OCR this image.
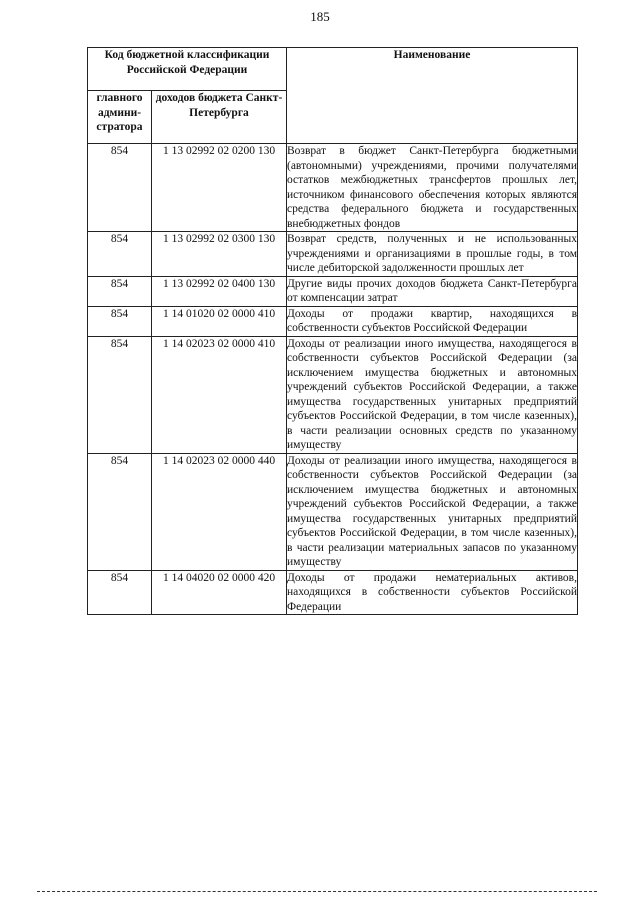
185
Код бюджетной классификации Российской Федерации		Наименование
главного админи-стратора	доходов бюджета Санкт-Петербурга	
854	1 13 02992 02 0200 130	Возврат в бюджет Санкт-Петербурга бюджетными (автономными) учреждениями, прочими получателями остатков межбюджетных трансфертов прошлых лет, источником финансового обеспечения которых являются средства федерального бюджета и государственных внебюджетных фондов
854	1 13 02992 02 0300 130	Возврат средств, полученных и не использованных учреждениями и организациями в прошлые годы, в том числе дебиторской задолженности прошлых лет
854	1 13 02992 02 0400 130	Другие виды прочих доходов бюджета Санкт-Петербурга от компенсации затрат
854	1 14 01020 02 0000 410	Доходы от продажи квартир, находящихся в собственности субъектов Российской Федерации
854	1 14 02023 02 0000 410	Доходы от реализации иного имущества, находящегося в собственности субъектов Российской Федерации (за исключением имущества бюджетных и автономных учреждений субъектов Российской Федерации, а также имущества государственных унитарных предприятий субъектов Российской Федерации, в том числе казенных), в части реализации основных средств по указанному имуществу
854	1 14 02023 02 0000 440	Доходы от реализации иного имущества, находящегося в собственности субъектов Российской Федерации (за исключением имущества бюджетных и автономных учреждений субъектов Российской Федерации, а также имущества государственных унитарных предприятий субъектов Российской Федерации, в том числе казенных), в части реализации материальных запасов по указанному имуществу
854	1 14 04020 02 0000 420	Доходы от продажи нематериальных активов, находящихся в собственности субъектов Российской Федерации
